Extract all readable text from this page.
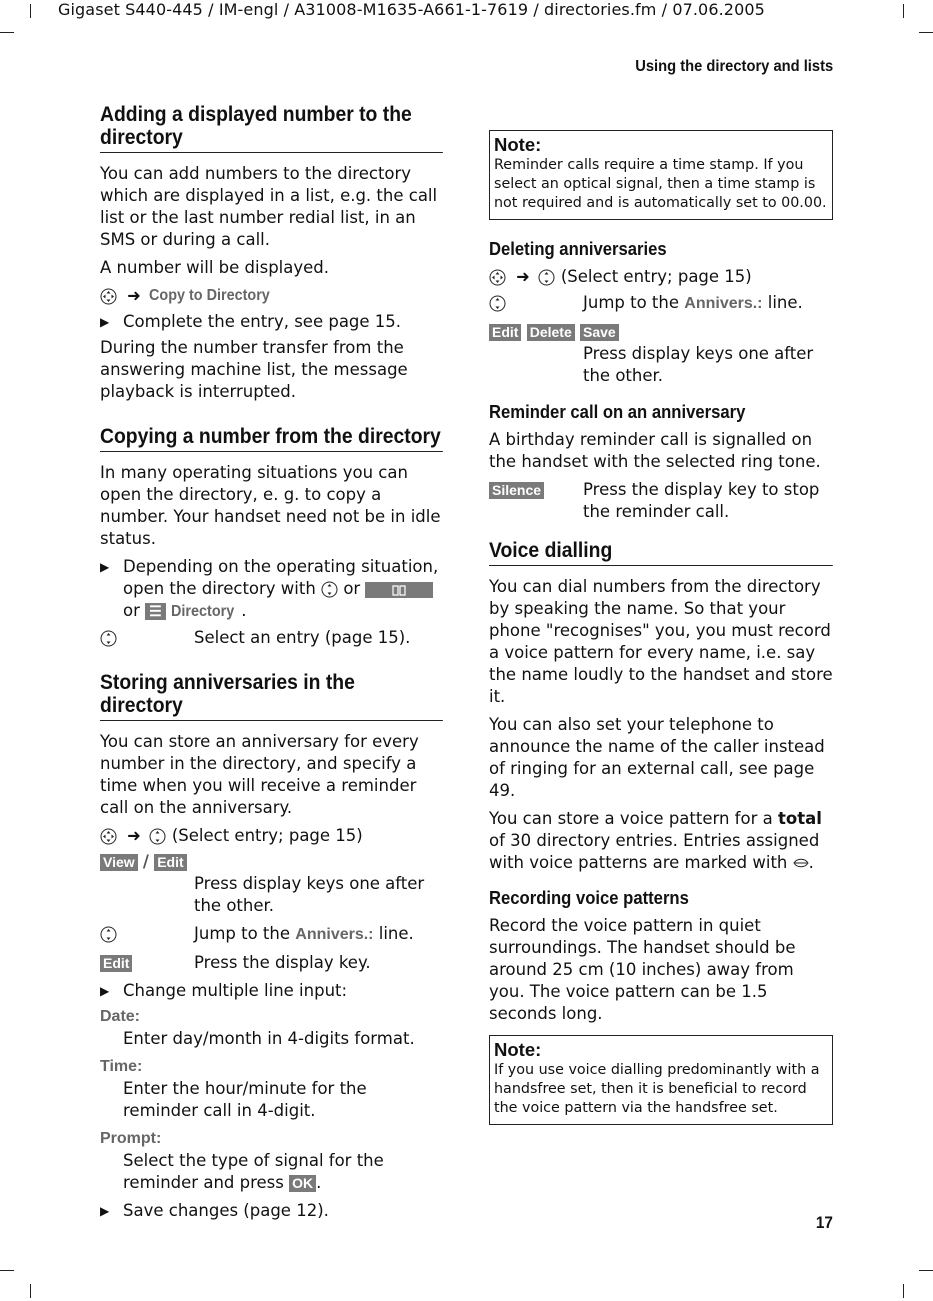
Gigaset S440-445 / IM-engl / A31008-M1635-A661-1-7619 / directories.fm / 07.06.2005
Using the directory and lists
17
Adding a displayed number to the directory

You can add numbers to the directory which are displayed in a list, e.g. the call list or the last number redial list, in an SMS or during a call.

A number will be displayed.

➜ Copy to Directory
▶ Complete the entry, see page 15.

During the number transfer from the answering machine list, the message playback is interrupted.

Copying a number from the directory

In many operating situations you can open the directory, e. g. to copy a number. Your handset need not be in idle status.

▶ Depending on the operating situation, open the directory with or
or ☰ Directory .
Select an entry (page 15).
Storing anniversaries in the directory

You can store an anniversary for every number in the directory, and specify a time when you will receive a reminder call on the anniversary.

➜ (Select entry; page 15)
View / Edit
Press display keys one after the other.
Jump to the Annivers.: line.
Edit	Press the display key.
▶ Change multiple line input:
Date:
Enter day/month in 4-digits format.
Time:
Enter the hour/minute for the reminder call in 4-digit.
Prompt:
Select the type of signal for the reminder and press OK .
▶ Save changes (page 12).
Note:
Reminder calls require a time stamp. If you select an optical signal, then a time stamp is not required and is automatically set to 00.00.
Deleting anniversaries
➜ (Select entry; page 15)
Jump to the Annivers.: line.
Edit Delete Save
Press display keys one after the other.
Reminder call on an anniversary

A birthday reminder call is signalled on the handset with the selected ring tone.

Silence	Press the display key to stop the reminder call.
Voice dialling

You can dial numbers from the directory by speaking the name. So that your phone "recognises" you, you must record a voice pattern for every name, i.e. say the name loudly to the handset and store it.

You can also set your telephone to announce the name of the caller instead of ringing for an external call, see page 49.

You can store a voice pattern for a total of 30 directory entries. Entries assigned with voice patterns are marked with .

Recording voice patterns

Record the voice pattern in quiet surroundings. The handset should be around 25 cm (10 inches) away from you. The voice pattern can be 1.5 seconds long.

Note:
If you use voice dialling predominantly with a handsfree set, then it is beneficial to record the voice pattern via the handsfree set.
